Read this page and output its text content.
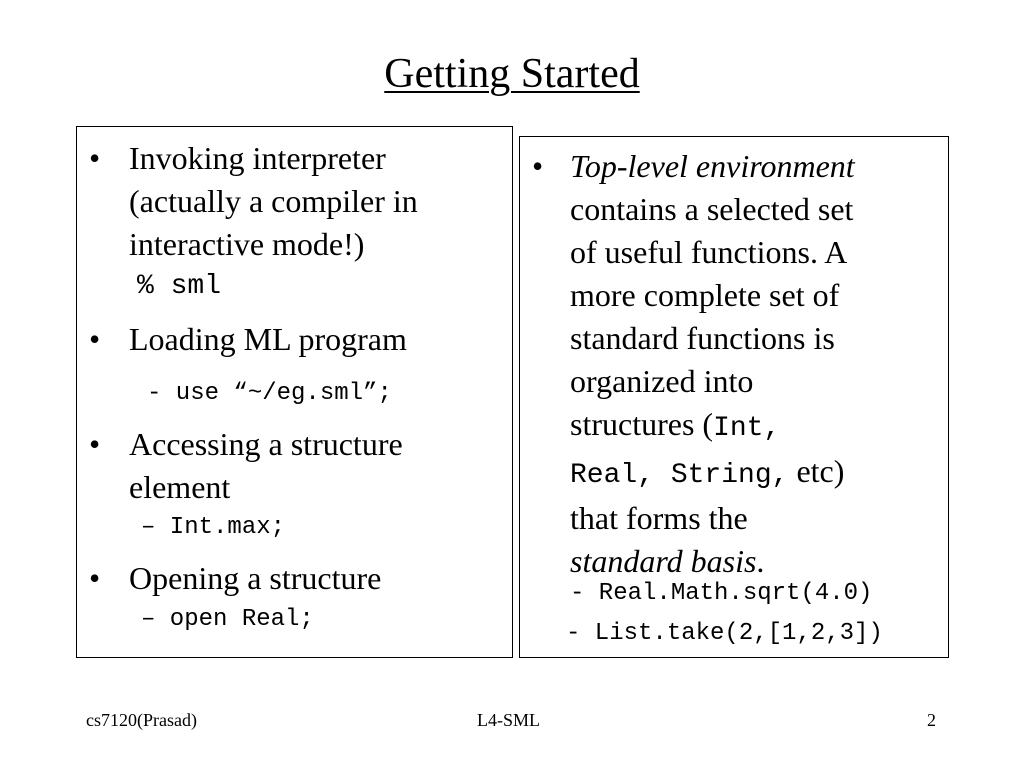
Getting Started
• Invoking interpreter
(actually a compiler in
interactive mode!)
% sml
• Loading ML program
- use “~/eg.sml”;
• Accessing a structure
element
– Int.max;
• Opening a structure
– open Real;
• Top-level environment
contains a selected set
of useful functions. A
more complete set of
standard functions is
organized into
structures (Int,
Real, String, etc)
that forms the
standard basis.
- Real.Math.sqrt(4.0)
- List.take(2,[1,2,3])
cs7120(Prasad)	L4-SML	2
